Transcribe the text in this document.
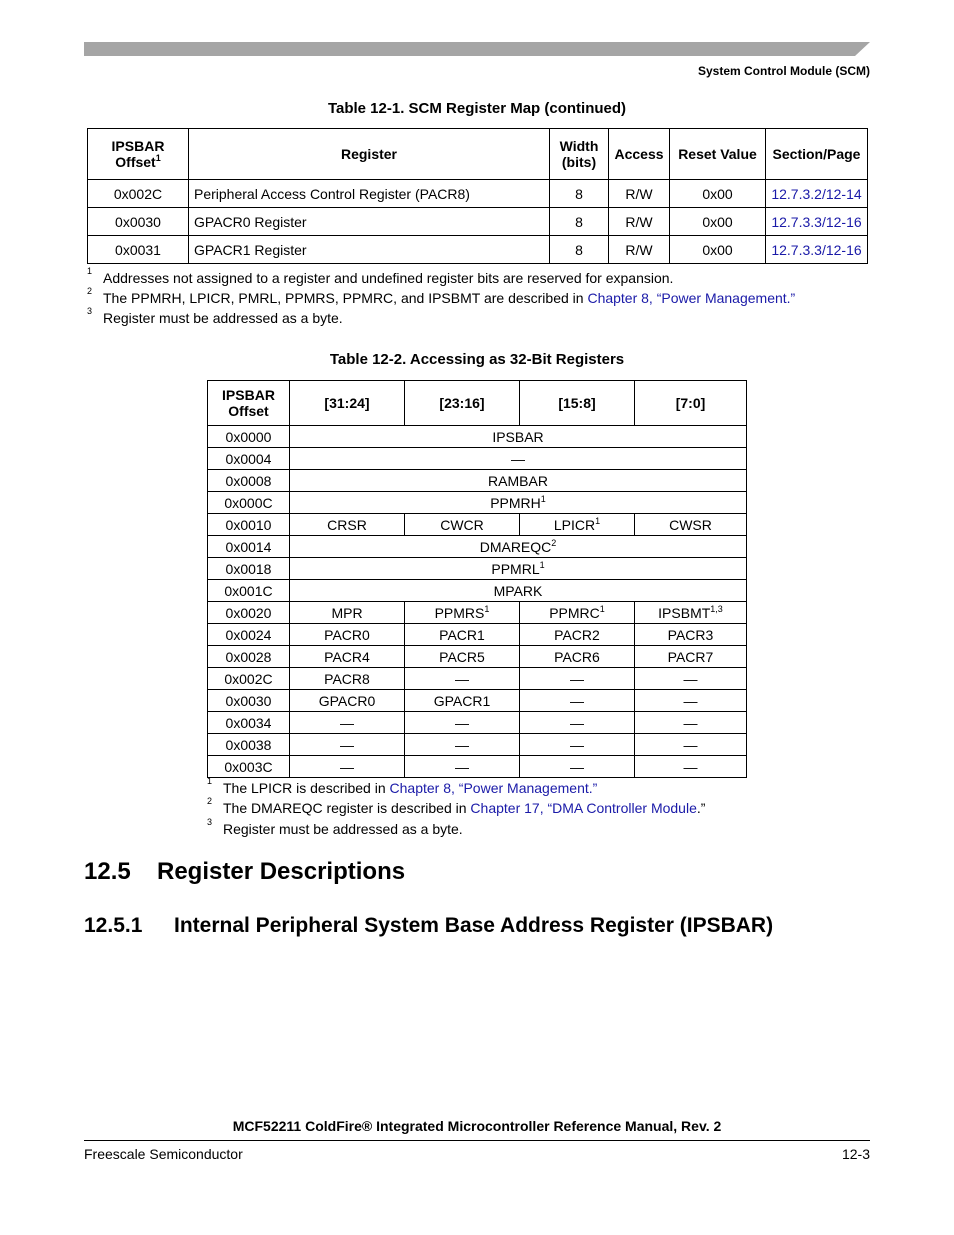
System Control Module (SCM)
Table 12-1. SCM Register Map (continued)
IPSBAR Offset$^1$	Register	Width (bits)	Access	Reset Value	Section/Page
0x002C	Peripheral Access Control Register (PACR8)	8	R/W	0x00	12.7.3.2/12-14
0x0030	GPACR0 Register	8	R/W	0x00	12.7.3.3/12-16
0x0031	GPACR1 Register	8	R/W	0x00	12.7.3.3/12-16
1 Addresses not assigned to a register and undefined register bits are reserved for expansion.
2 The PPMRH, LPICR, PMRL, PPMRS, PPMRC, and IPSBMT are described in Chapter 8, “Power Management.”
3 Register must be addressed as a byte.
Table 12-2. Accessing as 32-Bit Registers
IPSBAR Offset	[31:24]	[23:16]	[15:8]	[7:0]
0x0000	IPSBAR			
0x0004	—			
0x0008	RAMBAR			
0x000C	PPMRH$^1$
0x0010	CRSR	CWCR	LPICR$^1$	CWSR
0x0014	DMAREQC$^2$
0x0018	PPMRL$^1$
0x001C	MPARK			
0x0020	MPR	PPMRS$^1$	PPMRC$^1$	IPSBMT$^{1,3}$
0x0024	PACR0	PACR1	PACR2	PACR3
0x0028	PACR4	PACR5	PACR6	PACR7
0x002C	PACR8	—	—	—
0x0030	GPACR0	GPACR1	—	—
0x0034	—	—	—	—
0x0038	—	—	—	—
0x003C	—	—	—	—
1 The LPICR is described in Chapter 8, “Power Management.”
2 The DMAREQC register is described in Chapter 17, “DMA Controller Module.”
3 Register must be addressed as a byte.
12.5 Register Descriptions
12.5.1 Internal Peripheral System Base Address Register (IPSBAR)
MCF52211 ColdFire® Integrated Microcontroller Reference Manual, Rev. 2
Freescale Semiconductor	12-3
